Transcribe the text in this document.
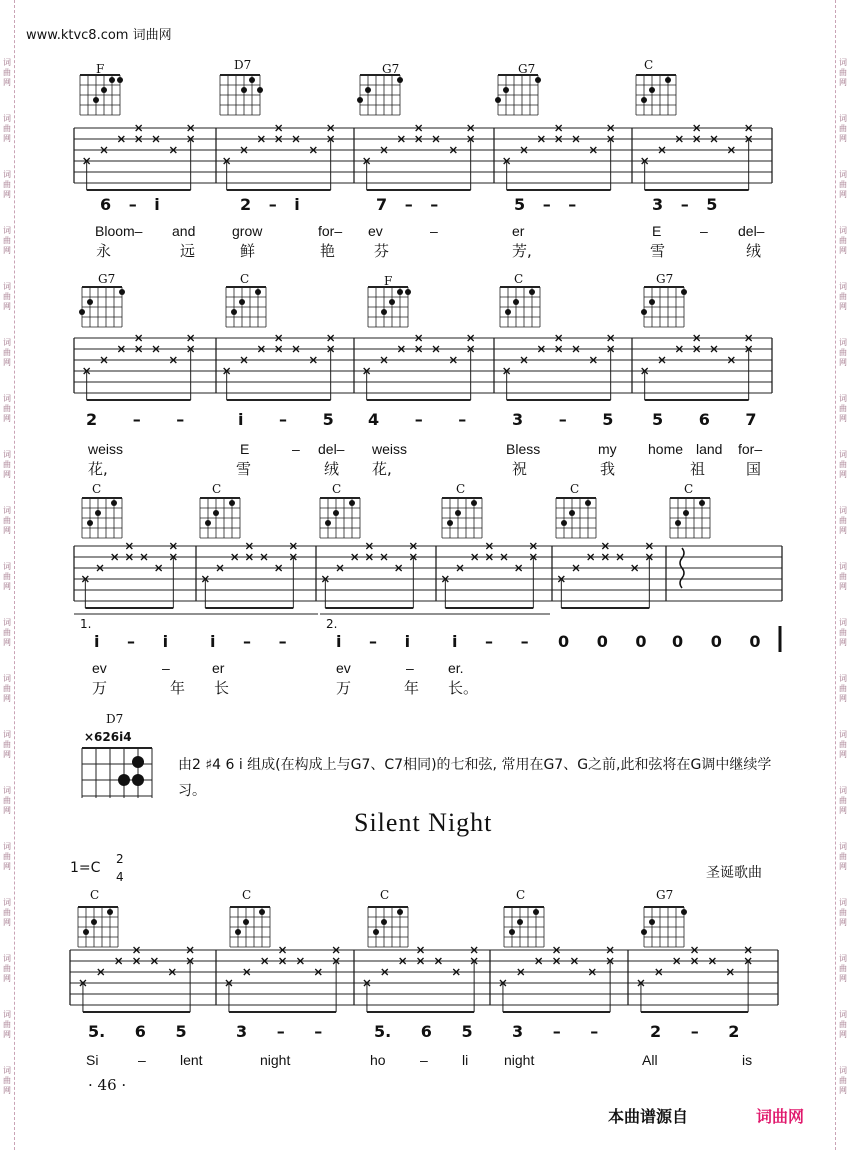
www.ktvc8.com 词曲网
词
曲
网
词
曲
网
词
曲
网
词
曲
网
词
曲
网
词
曲
网
词
曲
网
词
曲
网
词
曲
网
词
曲
网
词
曲
网
词
曲
网
词
曲
网
词
曲
网
词
曲
网
词
曲
网
词
曲
网
词
曲
网
词
曲
网
词
曲
网
词
曲
网
词
曲
网
词
曲
网
词
曲
网
词
曲
网
词
曲
网
词
曲
网
词
曲
网
词
曲
网
词
曲
网
词
曲
网
词
曲
网
词
曲
网
词
曲
网
词
曲
网
词
曲
网
词
曲
网
词
曲
网
F	D7	G7	G7	C
6 – i	2 – i	7 – –	5 – –	3 – 5
Bloom– and	grow	for– ev	–	er	E	– del–
永	远	鲜	艳	芬	芳,	雪	绒
G7	C	F	C	G7
2 – –	i – 5 4 – –	3 – 5 5 6 7
weiss	E	– del– weiss	Bless	my home land for–
花,	雪	绒 花,	祝	我	祖	国
C	C	C	C	C	C
1.	2.
i – i	i – –	i – i	i – – 0 0 0 0 0 0
ev	–	er	ev	– er.
万	年 长	万	年 长。
D7
×626i4
由2 ♯4 6 i 组成(在构成上与G7、C7相同)的七和弦, 常用在G7、G之前,此和弦将在G调中继续学习。
Silent Night
1=C
2
4	圣诞歌曲
C	C	C	C	G7
5. 6 5	3 – –	5. 6 5 3 – –	2 – 2
Si	– lent	night	ho – li	night	All	is
· 46 ·
本曲谱源自	词曲网
